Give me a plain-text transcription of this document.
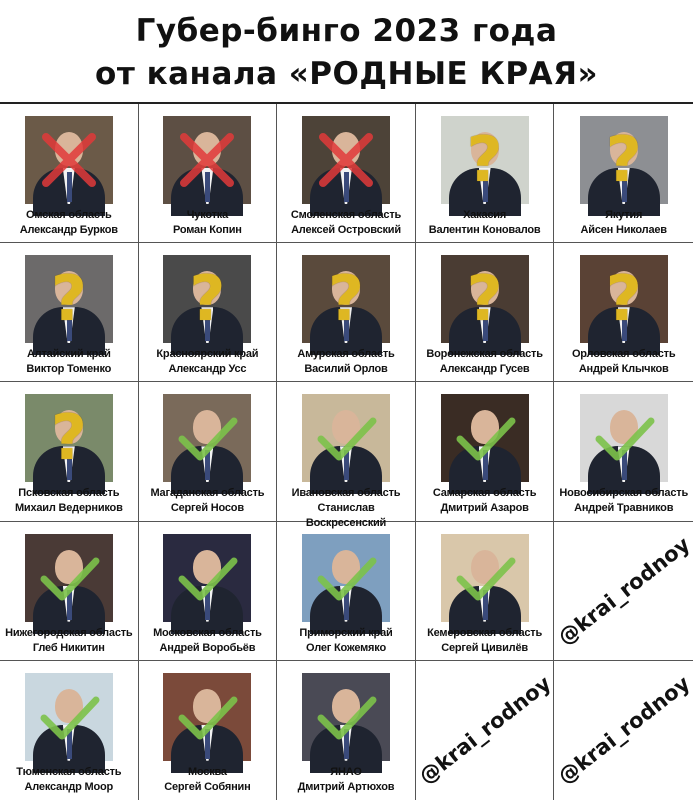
Губер-бинго 2023 года
от канала «РОДНЫЕ КРАЯ»
Омская область
Александр Бурков
Чукотка
Роман Копин
Смоленская область
Алексей Островский
?
Хакасия
Валентин Коновалов
?
Якутия
Айсен Николаев
?
Алтайский край
Виктор Томенко
?
Красноярский край
Александр Усс
?
Амурская область
Василий Орлов
?
Воронежская область
Александр Гусев
?
Орловская область
Андрей Клычков
?
Псковская область
Михаил Ведерников
Магаданская область
Сергей Носов
Ивановская область
Станислав Воскресенский
Самарская область
Дмитрий Азаров
Новосибирская область
Андрей Травников
Нижегородская область
Глеб Никитин
Московская область
Андрей Воробьёв
Приморский край
Олег Кожемяко
Кемеровская область
Сергей Цивилёв	@krai_rodnoy
Тюменская область
Александр Моор
Москва
Сергей Собянин
ЯНАО
Дмитрий Артюхов @krai_rodnoy
@krai_rodnoy
